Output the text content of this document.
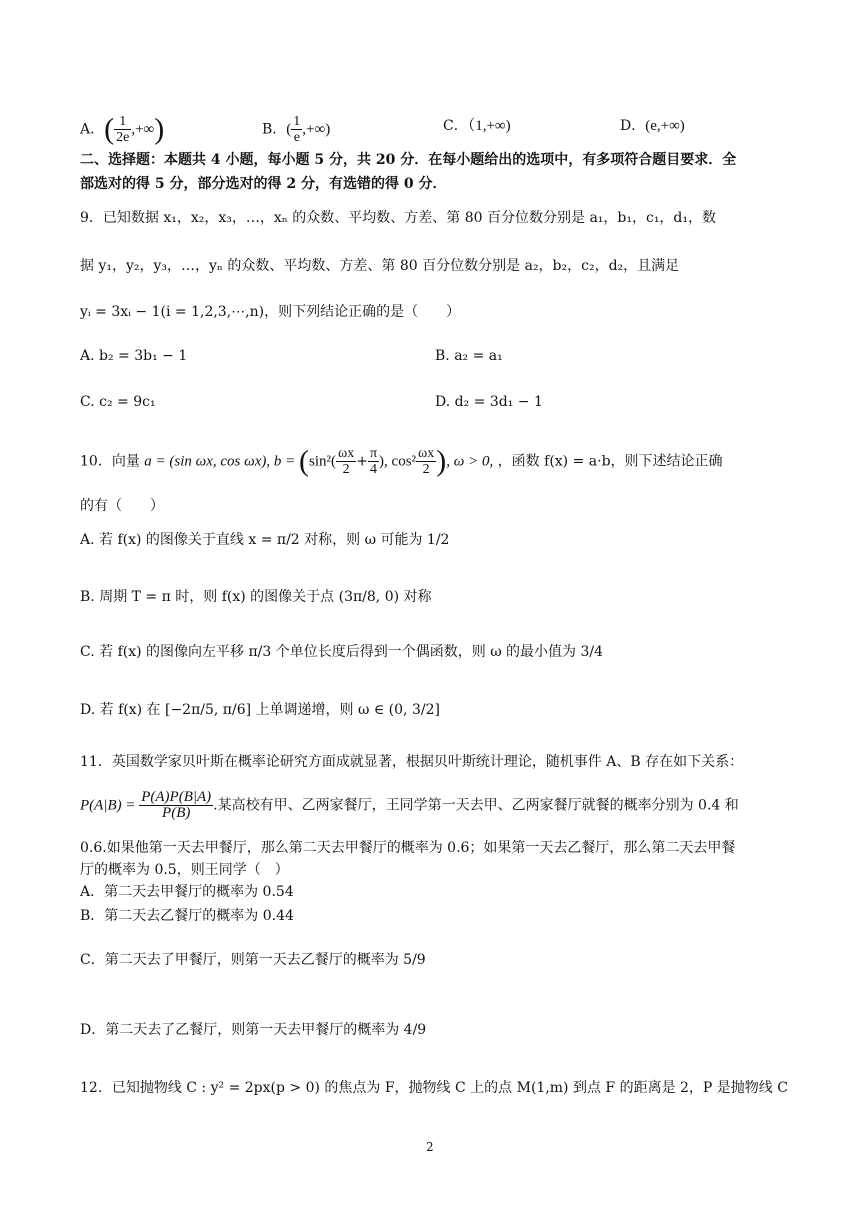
A．( $\frac{1}{2e}$ ,+∞)	B．( $\frac{1}{e}$ ,+∞)	C．（1,+∞)	D．(e,+∞)
二、选择题：本题共 4 小题，每小题 5 分，共 20 分．在每小题给出的选项中，有多项符合题目要求．全
部选对的得 5 分，部分选对的得 2 分，有选错的得 0 分．
9．已知数据 x₁，x₂，x₃，…，xₙ 的众数、平均数、方差、第 80 百分位数分别是 a₁，b₁，c₁，d₁，数
据 y₁，y₂，y₃，…，yₙ 的众数、平均数、方差、第 80 百分位数分别是 a₂，b₂，c₂，d₂，且满足
yᵢ = 3xᵢ − 1(i = 1,2,3,⋯,n)，则下列结论正确的是（　　）
A. b₂ = 3b₁ − 1	B. a₂ = a₁
C. c₂ = 9c₁	D. d₂ = 3d₁ − 1
10．向量 a = (sin ωx, cos ωx), $b = (\sin^2( \frac{\omega x}{2} + \frac{\pi}{4}$ ), $\cos^2 \frac{\omega x}{2}$ ), ω > 0, ，函数 f(x) = a·b，则下述结论正确
的有（　　）
A. 若 f(x) 的图像关于直线 x = π/2 对称，则 ω 可能为 1/2
B. 周期 T = π 时，则 f(x) 的图像关于点 (3π/8, 0) 对称
C. 若 f(x) 的图像向左平移 π/3 个单位长度后得到一个偶函数，则 ω 的最小值为 3/4
D. 若 f(x) 在 [−2π/5, π/6] 上单调递增，则 ω ∈ (0, 3/2]
11．英国数学家贝叶斯在概率论研究方面成就显著，根据贝叶斯统计理论，随机事件 A、B 存在如下关系：
$P(A|B) = \frac{P(A)P(B|A)}{P(B)}$ .某高校有甲、乙两家餐厅，王同学第一天去甲、乙两家餐厅就餐的概率分别为 0.4 和
0.6.如果他第一天去甲餐厅，那么第二天去甲餐厅的概率为 0.6；如果第一天去乙餐厅，那么第二天去甲餐
厅的概率为 0.5，则王同学（　）
A．第二天去甲餐厅的概率为 0.54
B．第二天去乙餐厅的概率为 0.44
C．第二天去了甲餐厅，则第一天去乙餐厅的概率为 5/9
D．第二天去了乙餐厅，则第一天去甲餐厅的概率为 4/9
12．已知抛物线 C : y² = 2px(p > 0) 的焦点为 F，抛物线 C 上的点 M(1,m) 到点 F 的距离是 2，P 是抛物线 C
2
